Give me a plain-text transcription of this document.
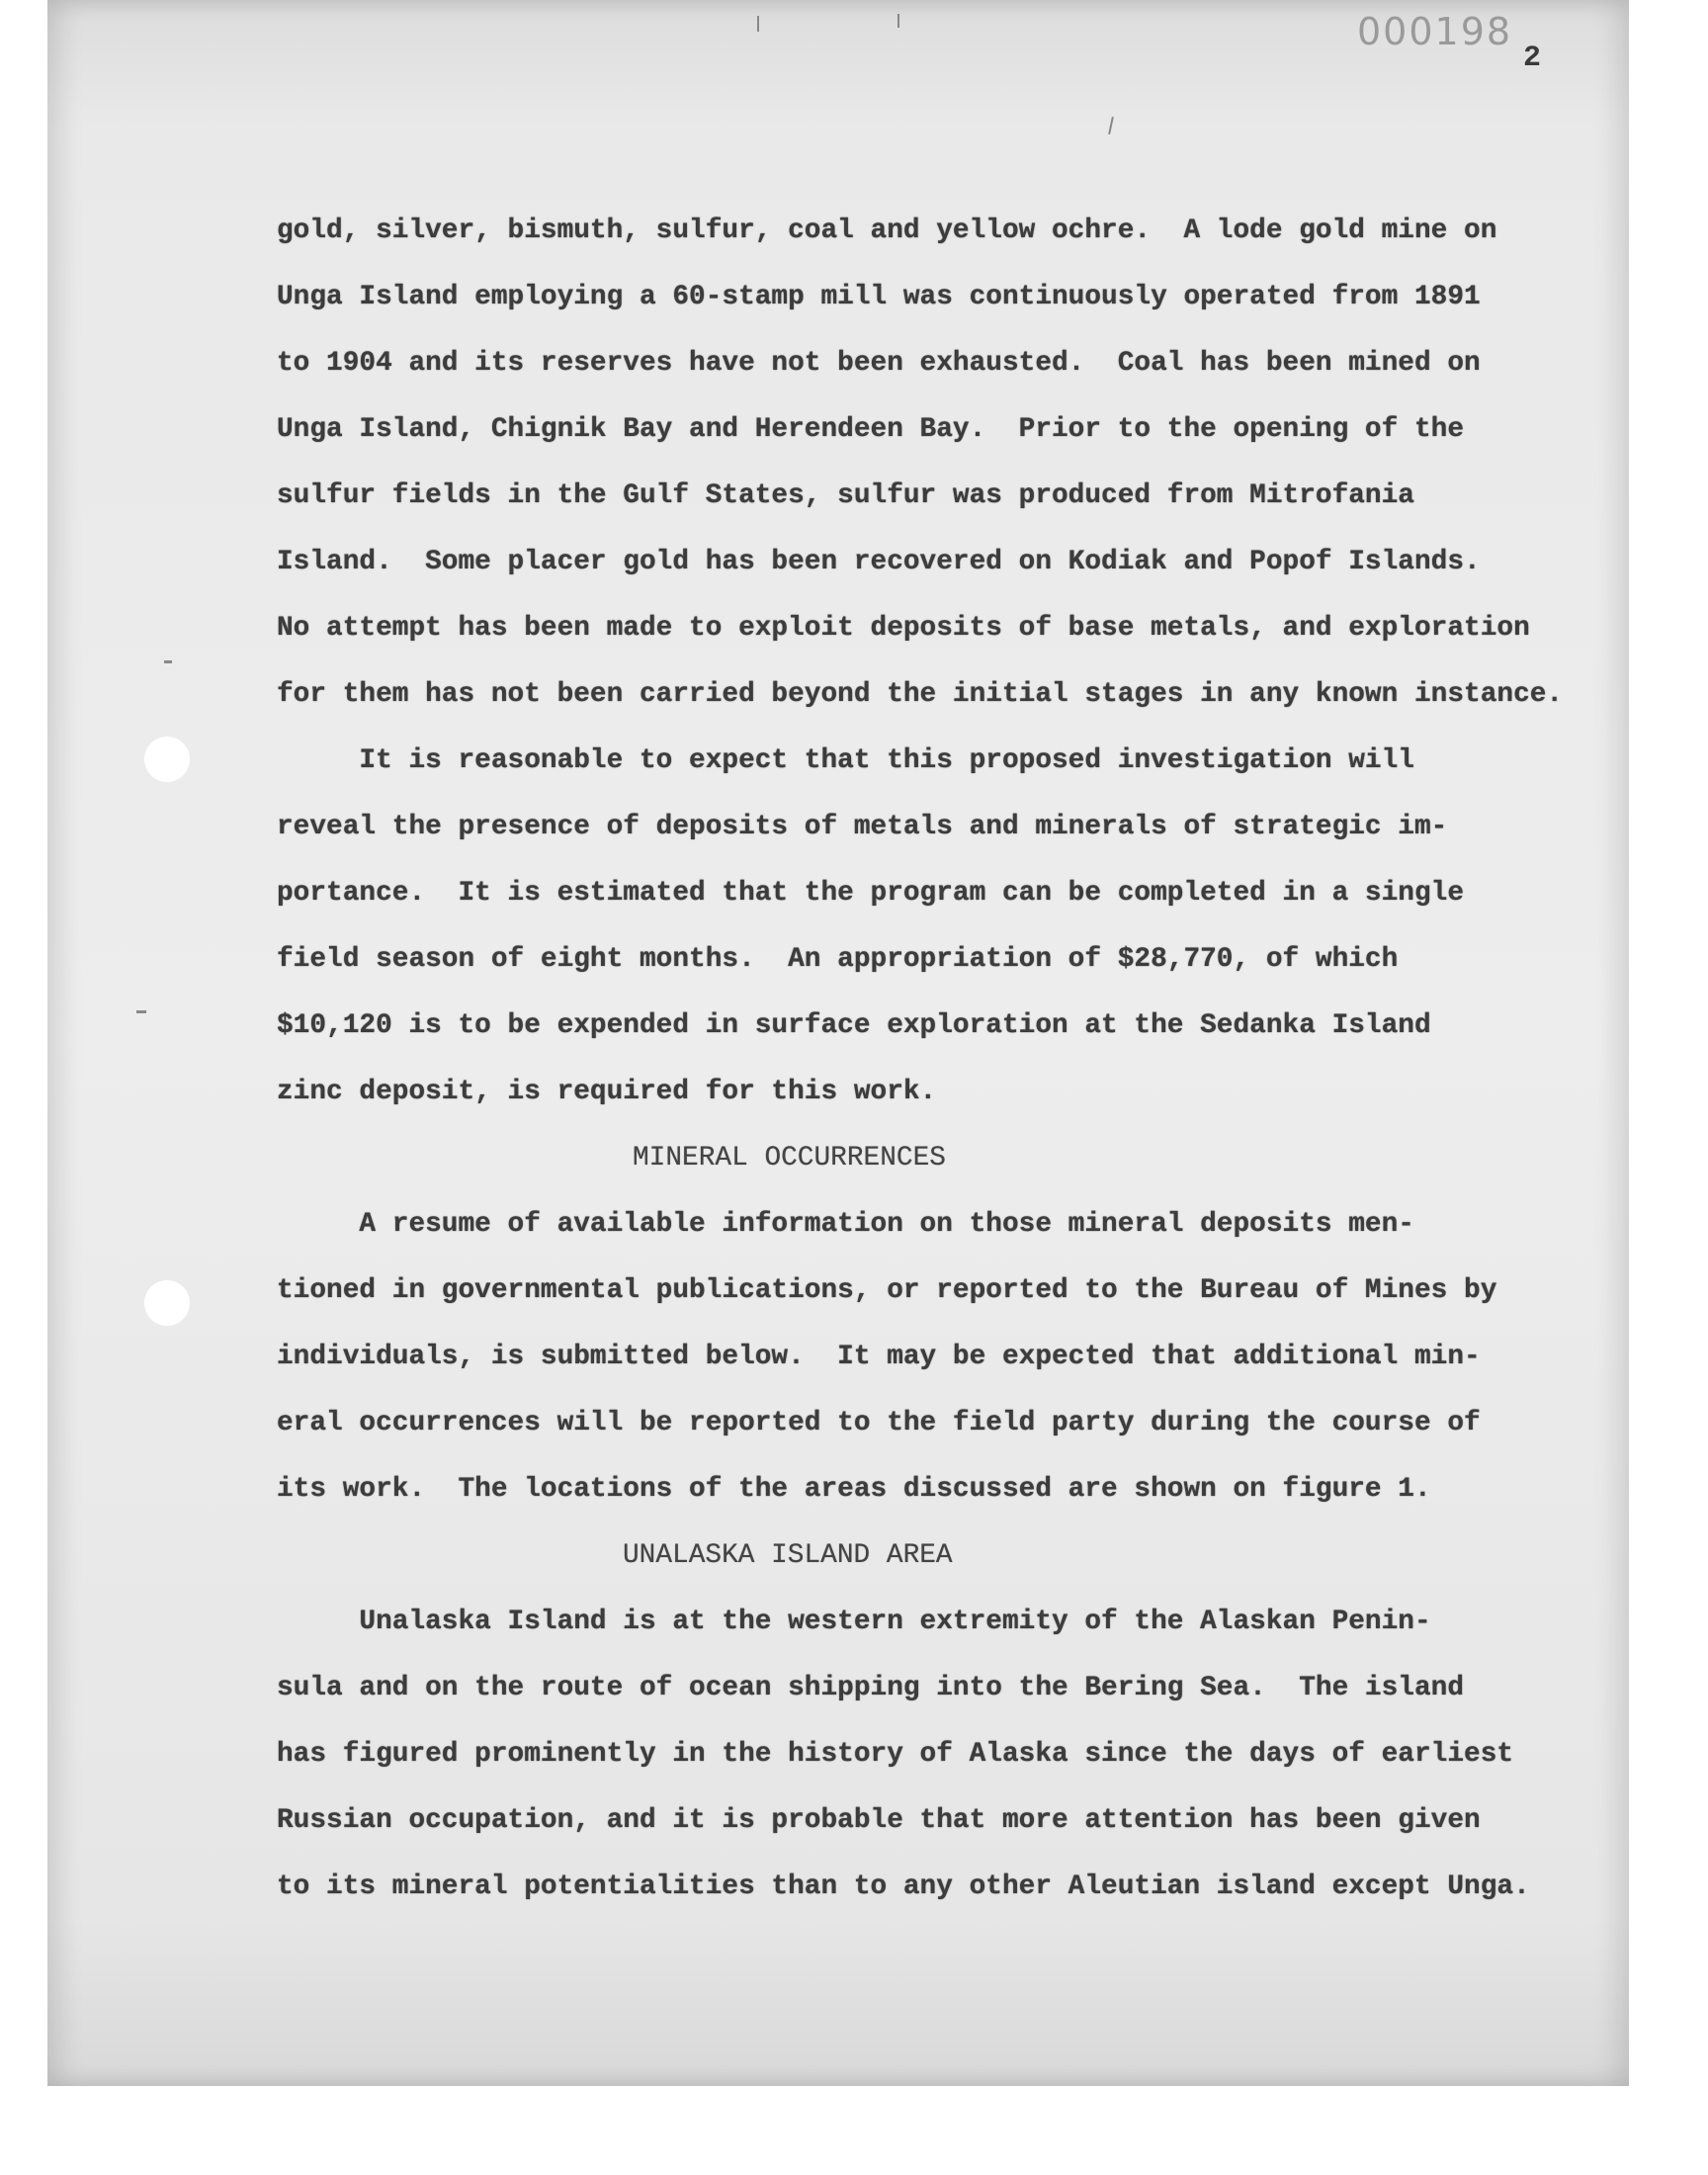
000198
2
gold, silver, bismuth, sulfur, coal and yellow ochre.  A lode gold mine on
Unga Island employing a 60-stamp mill was continuously operated from 1891
to 1904 and its reserves have not been exhausted.  Coal has been mined on
Unga Island, Chignik Bay and Herendeen Bay.  Prior to the opening of the
sulfur fields in the Gulf States, sulfur was produced from Mitrofania
Island.  Some placer gold has been recovered on Kodiak and Popof Islands.
No attempt has been made to exploit deposits of base metals, and exploration
for them has not been carried beyond the initial stages in any known instance.
It is reasonable to expect that this proposed investigation will
reveal the presence of deposits of metals and minerals of strategic im-
portance.  It is estimated that the program can be completed in a single
field season of eight months.  An appropriation of $28,770, of which
$10,120 is to be expended in surface exploration at the Sedanka Island
zinc deposit, is required for this work.
MINERAL OCCURRENCES
A resume of available information on those mineral deposits men-
tioned in governmental publications, or reported to the Bureau of Mines by
individuals, is submitted below.  It may be expected that additional min-
eral occurrences will be reported to the field party during the course of
its work.  The locations of the areas discussed are shown on figure 1.
UNALASKA ISLAND AREA
Unalaska Island is at the western extremity of the Alaskan Penin-
sula and on the route of ocean shipping into the Bering Sea.  The island
has figured prominently in the history of Alaska since the days of earliest
Russian occupation, and it is probable that more attention has been given
to its mineral potentialities than to any other Aleutian island except Unga.
